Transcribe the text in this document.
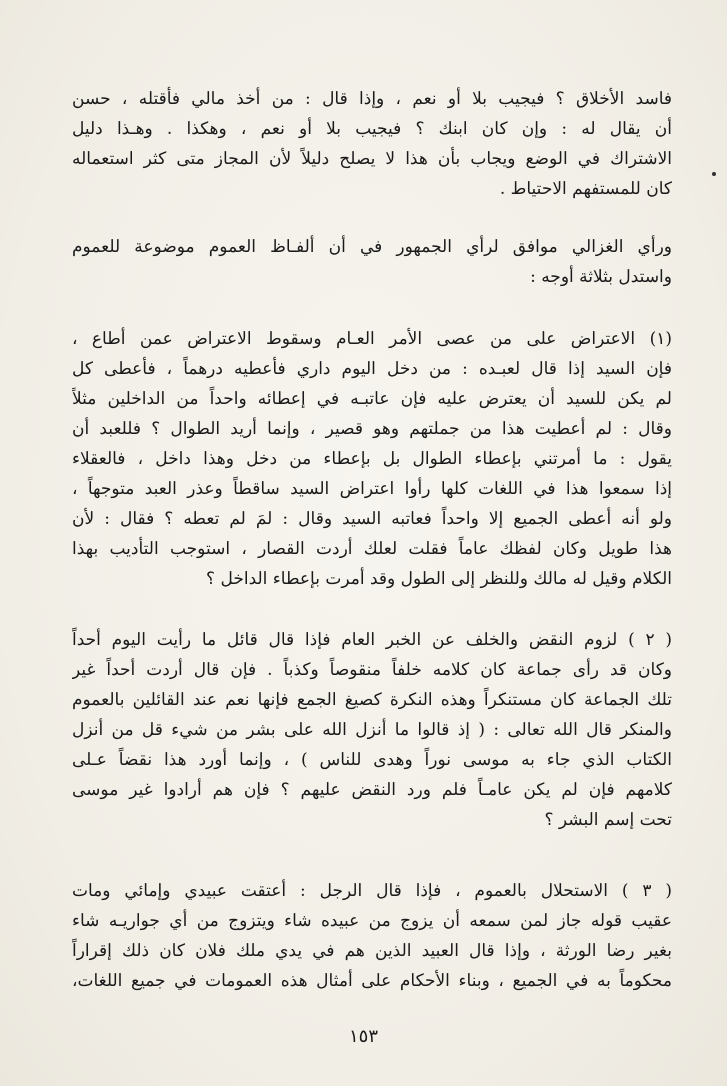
فاسد الأخلاق ؟ فيجيب بلا أو نعم ، وإذا قال : من أخذ مالي فأقتله ، حسن
أن يقال له : وإن كان ابنك ؟ فيجيب بلا أو نعم ، وهكذا . وهـذا دليل
الاشتراك في الوضع ويجاب بأن هذا لا يصلح دليلاً لأن المجاز متى كثر استعماله
كان للمستفهم الاحتياط .
ورأي الغزالي موافق لرأي الجمهور في أن ألفـاظ العموم موضوعة للعموم
واستدل بثلاثة أوجه :
(١) الاعتراض على من عصى الأمر العـام وسقوط الاعتراض عمن أطاع ،
فإن السيد إذا قال لعبـده : من دخل اليوم داري فأعطيه درهماً ، فأعطى كل
لم يكن للسيد أن يعترض عليه فإن عاتبـه في إعطائه واحداً من الداخلين مثلاً
وقال : لم أعطيت هذا من جملتهم وهو قصير ، وإنما أريد الطوال ؟ فللعبد أن
يقول : ما أمرتني بإعطاء الطوال بل بإعطاء من دخل وهذا داخل ، فالعقلاء
إذا سمعوا هذا في اللغات كلها رأوا اعتراض السيد ساقطاً وعذر العبد متوجهاً ،
ولو أنه أعطى الجميع إلا واحداً فعاتبه السيد وقال : لمَ لم تعطه ؟ فقال : لأن
هذا طويل وكان لفظك عاماً فقلت لعلك أردت القصار ، استوجب التأديب بهذا
الكلام وقيل له مالك وللنظر إلى الطول وقد أمرت بإعطاء الداخل ؟
( ٢ ) لزوم النقض والخلف عن الخبر العام فإذا قال قائل ما رأيت اليوم أحداً
وكان قد رأى جماعة كان كلامه خلفاً منقوصاً وكذباً . فإن قال أردت أحداً غير
تلك الجماعة كان مستنكراً وهذه النكرة كصيغ الجمع فإنها نعم عند القائلين بالعموم
والمنكر قال الله تعالى : ( إذ قالوا ما أنزل الله على بشر من شيء قل من أنزل
الكتاب الذي جاء به موسى نوراً وهدى للناس ) ، وإنما أورد هذا نقضاً عـلى
كلامهم فإن لم يكن عامـاً فلم ورد النقض عليهم ؟ فإن هم أرادوا غير موسى
تحت إسم البشر ؟
( ٣ ) الاستحلال بالعموم ، فإذا قال الرجل : أعتقت عبيدي وإمائي ومات
عقيب قوله جاز لمن سمعه أن يزوج من عبيده شاء ويتزوج من أي جواريـه شاء
بغير رضا الورثة ، وإذا قال العبيد الذين هم في يدي ملك فلان كان ذلك إقراراً
محكوماً به في الجميع ، وبناء الأحكام على أمثال هذه العمومات في جميع اللغات،
١٥٣
